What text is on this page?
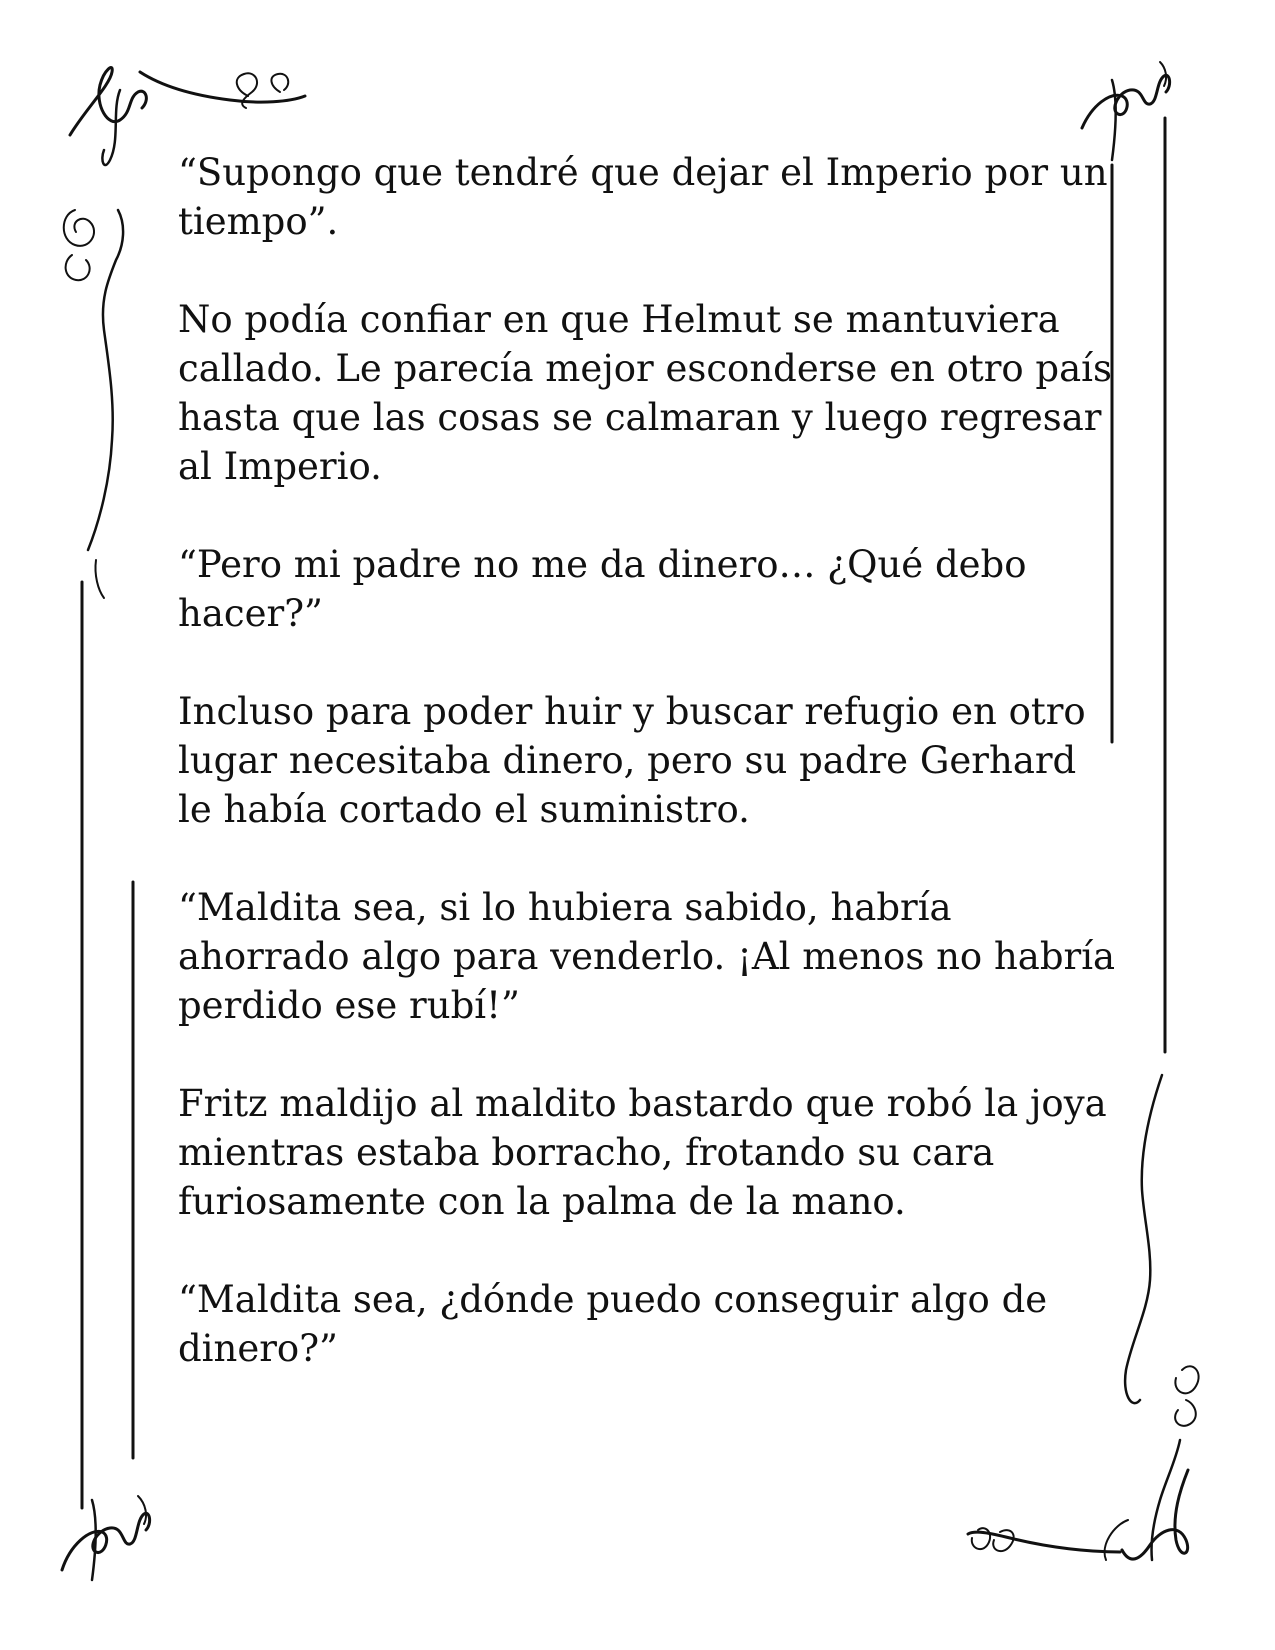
“Supongo que tendré que dejar el Imperio por un tiempo”.

No podía confiar en que Helmut se mantuviera callado. Le parecía mejor esconderse en otro país hasta que las cosas se calmaran y luego regresar al Imperio.

“Pero mi padre no me da dinero… ¿Qué debo hacer?”

Incluso para poder huir y buscar refugio en otro lugar necesitaba dinero, pero su padre Gerhard le había cortado el suministro.

“Maldita sea, si lo hubiera sabido, habría ahorrado algo para venderlo. ¡Al menos no habría perdido ese rubí!”

Fritz maldijo al maldito bastardo que robó la joya mientras estaba borracho, frotando su cara furiosamente con la palma de la mano.

“Maldita sea, ¿dónde puedo conseguir algo de dinero?”
